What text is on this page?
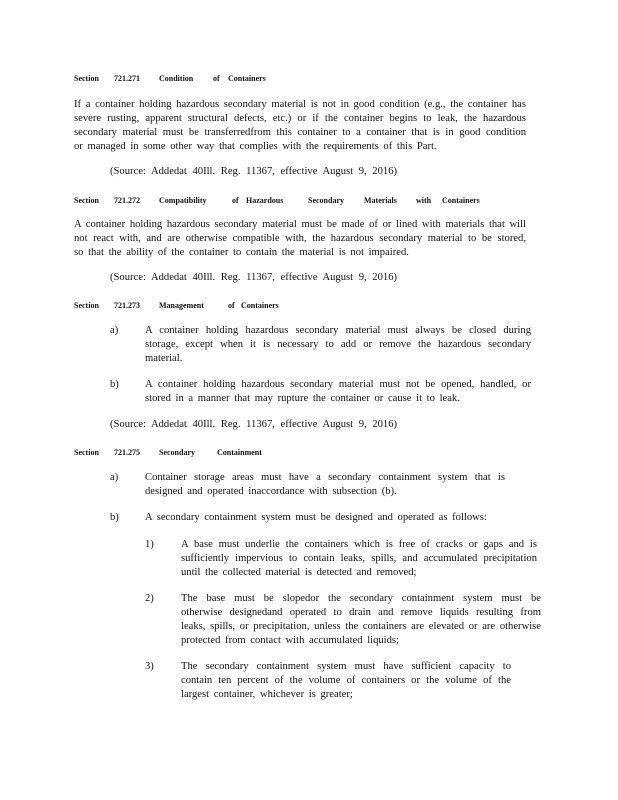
Section 721.271 Condition of Containers
If a container holding hazardous secondary material is not in good condition (e.g., the container has severe rusting, apparent structural defects, etc.) or if the container begins to leak, the hazardous secondary material must be transferredfrom this container to a container that is in good condition or managed in some other way that complies with the requirements of this Part.
(Source: Addedat 40Ill. Reg. 11367, effective August 9, 2016)
Section 721.272 Compatibility	of Hazardous	Secondary	Materials with Containers
A container holding hazardous secondary material must be made of or lined with materials that will not react with, and are otherwise compatible with, the hazardous secondary material to be stored, so that the ability of the container to contain the material is not impaired.
(Source: Addedat 40Ill. Reg. 11367, effective August 9, 2016)
Section 721.273 Management	of Containers
a)	A container holding hazardous secondary material must always be closed during storage, except when it is necessary to add or remove the hazardous secondary material.
b) A container holding hazardous secondary material must not be opened, handled, or stored in a manner that may rupture the container or cause it to leak.
(Source: Addedat 40Ill. Reg. 11367, effective August 9, 2016)
Section 721.275 Secondary	Containment
a)	Container storage areas must have a secondary containment system that is designed and operated inaccordance with subsection (b).
b) A secondary containment system must be designed and operated as follows:
1)	A base must underlie the containers which is free of cracks or gaps and is sufficiently impervious to contain leaks, spills, and accumulated precipitation until the collected material is detected and removed;
2)	The base must be slopedor the secondary containment system must be otherwise designedand operated to drain and remove liquids resulting from leaks, spills, or precipitation, unless the containers are elevated or are otherwise protected from contact with accumulated liquids;
3)	The secondary containment system must have sufficient capacity to contain ten percent of the volume of containers or the volume of the largest container, whichever is greater;
